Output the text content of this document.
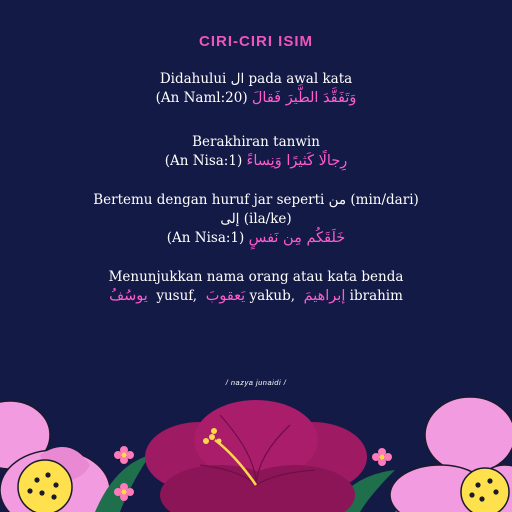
CIRI-CIRI ISIM
Didahului ال pada awal kata
(An Naml:20) وَتَفَقَّدَ الطَّيرَ فَقالَ
Berakhiran tanwin
(An Nisa:1) رِجالًا كَثيرًا وَنِساءً
Bertemu dengan huruf jar seperti من (min/dari)
إلى (ila/ke)
(An Nisa:1) خَلَقَكُم مِن نَفسٍ
Menunjukkan nama orang atau kata benda
يوسُفُ yusuf, يَعقوبَ yakub, إبراهيمَ ibrahim
/ nazya junaidi /
